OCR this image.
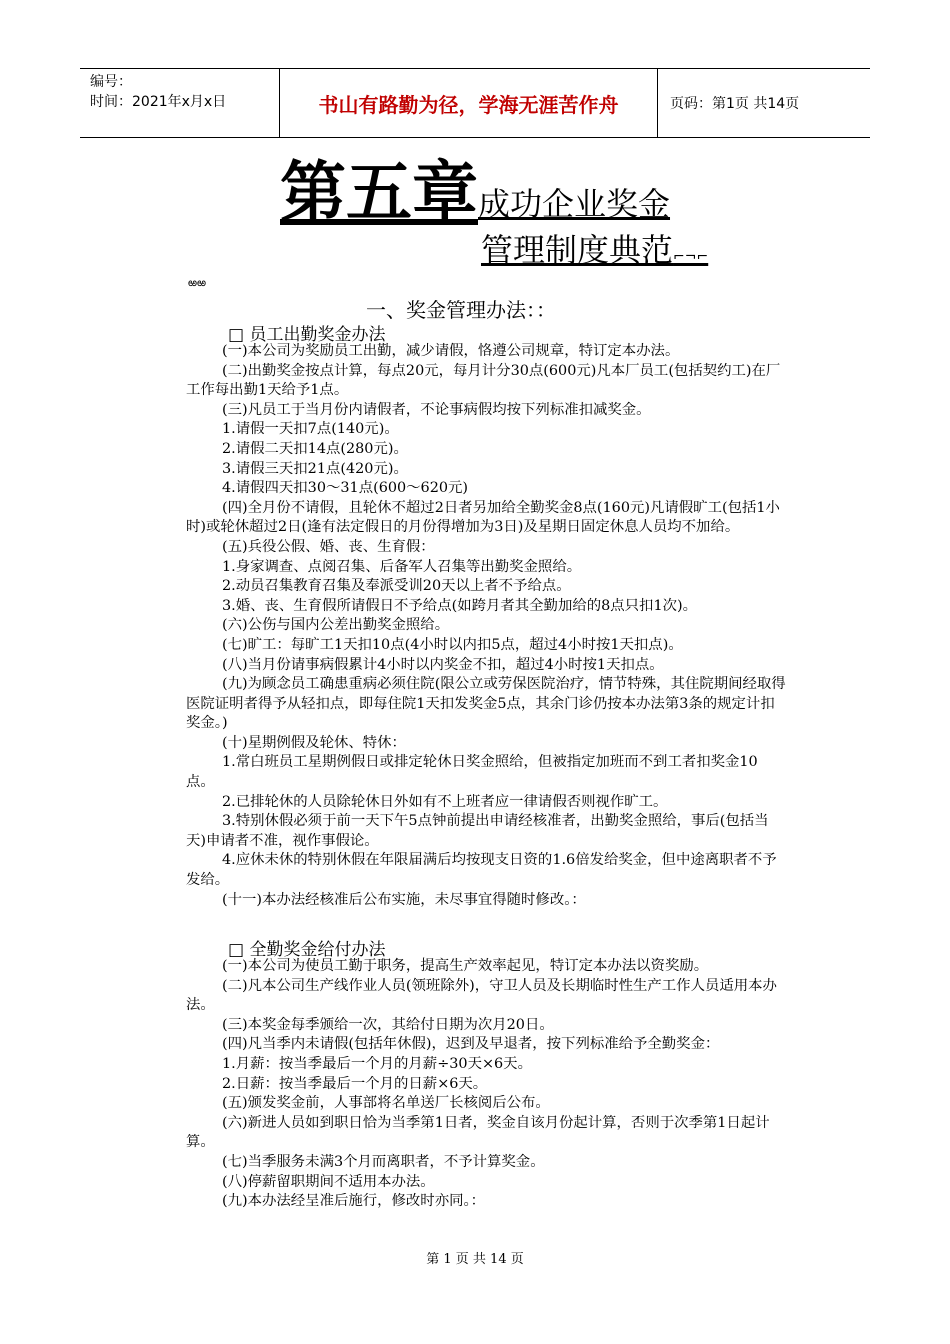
编号：
时间：2021年x月x日	书山有路勤为径，学海无涯苦作舟	页码：第1页 共14页
第五章成功企业奖金
管理制度典范⌐¬⌐
ఱఱ
一、奖金管理办法：：
□ 员工出勤奖金办法

(一)本公司为奖励员工出勤，减少请假，恪遵公司规章，特订定本办法。

(二)出勤奖金按点计算，每点20元，每月计分30点(600元)凡本厂员工(包括契约工)在厂工作每出勤1天给予1点。

(三)凡员工于当月份内请假者，不论事病假均按下列标准扣减奖金。

1.请假一天扣7点(140元)。

2.请假二天扣14点(280元)。

3.请假三天扣21点(420元)。

4.请假四天扣30～31点(600～620元)

(四)全月份不请假，且轮休不超过2日者另加给全勤奖金8点(160元)凡请假旷工(包括1小时)或轮休超过2日(逢有法定假日的月份得增加为3日)及星期日固定休息人员均不加给。

(五)兵役公假、婚、丧、生育假：

1.身家调查、点阅召集、后备军人召集等出勤奖金照给。

2.动员召集教育召集及奉派受训20天以上者不予给点。

3.婚、丧、生育假所请假日不予给点(如跨月者其全勤加给的8点只扣1次)。

(六)公伤与国内公差出勤奖金照给。

(七)旷工：每旷工1天扣10点(4小时以内扣5点，超过4小时按1天扣点)。

(八)当月份请事病假累计4小时以内奖金不扣，超过4小时按1天扣点。

(九)为顾念员工确患重病必须住院(限公立或劳保医院治疗，情节特殊，其住院期间经取得医院证明者得予从轻扣点，即每住院1天扣发奖金5点，其余门诊仍按本办法第3条的规定计扣奖金。)

(十)星期例假及轮休、特休：

1.常白班员工星期例假日或排定轮休日奖金照给，但被指定加班而不到工者扣奖金10点。

2.已排轮休的人员除轮休日外如有不上班者应一律请假否则视作旷工。

3.特别休假必须于前一天下午5点钟前提出申请经核准者，出勤奖金照给，事后(包括当天)申请者不准，视作事假论。

4.应休未休的特别休假在年限届满后均按现支日资的1.6倍发给奖金，但中途离职者不予发给。

(十一)本办法经核准后公布实施，未尽事宜得随时修改。：

□ 全勤奖金给付办法

(一)本公司为使员工勤于职务，提高生产效率起见，特订定本办法以资奖励。

(二)凡本公司生产线作业人员(领班除外)，守卫人员及长期临时性生产工作人员适用本办法。

(三)本奖金每季颁给一次，其给付日期为次月20日。

(四)凡当季内未请假(包括年休假)，迟到及早退者，按下列标准给予全勤奖金：

1.月薪：按当季最后一个月的月薪÷30天×6天。

2.日薪：按当季最后一个月的日薪×6天。

(五)颁发奖金前，人事部将名单送厂长核阅后公布。

(六)新进人员如到职日恰为当季第1日者，奖金自该月份起计算，否则于次季第1日起计算。

(七)当季服务未满3个月而离职者，不予计算奖金。

(八)停薪留职期间不适用本办法。

(九)本办法经呈准后施行，修改时亦同。：

第 1 页 共 14 页
